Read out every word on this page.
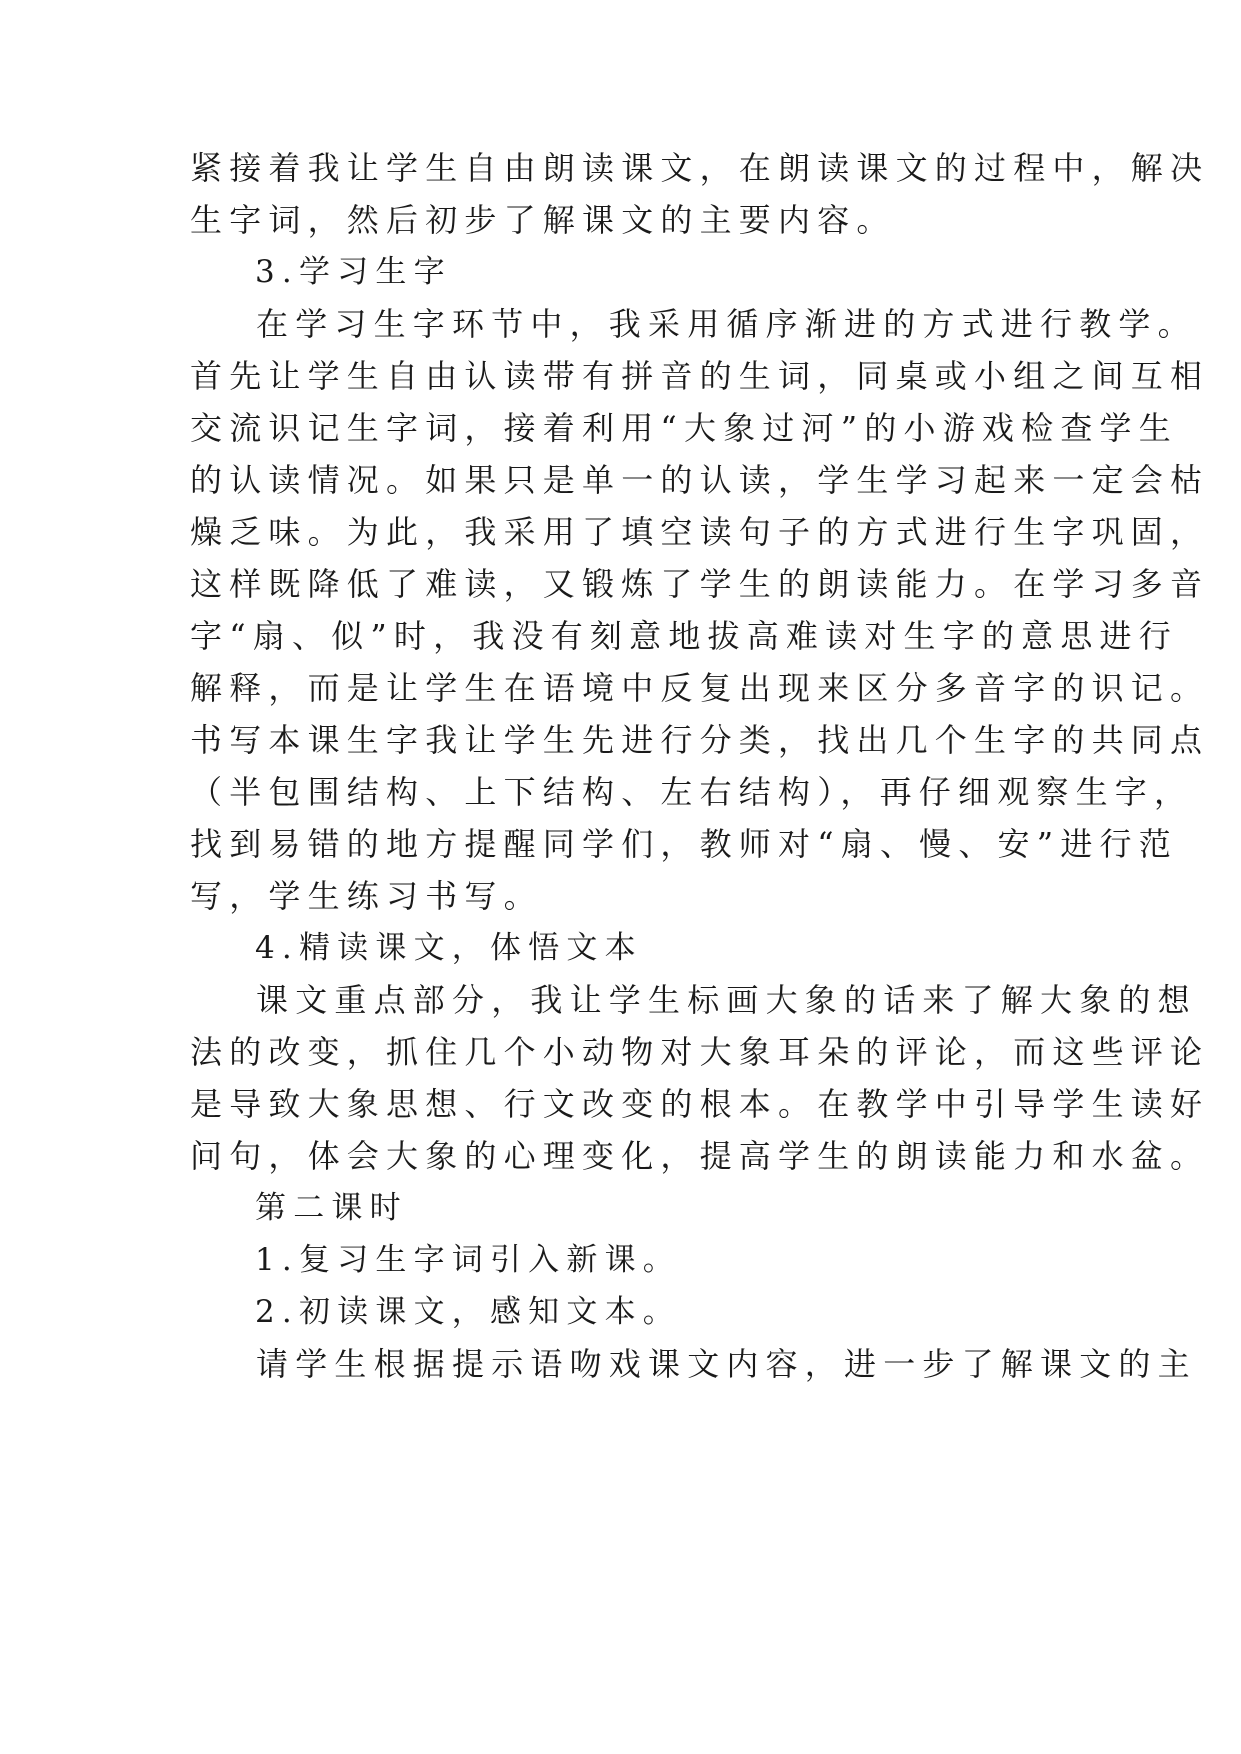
紧接着我让学生自由朗读课文，在朗读课文的过程中，解决
生字词，然后初步了解课文的主要内容。
3.学习生字
在学习生字环节中，我采用循序渐进的方式进行教学。
首先让学生自由认读带有拼音的生词，同桌或小组之间互相
交流识记生字词，接着利用“大象过河”的小游戏检查学生
的认读情况。如果只是单一的认读，学生学习起来一定会枯
燥乏味。为此，我采用了填空读句子的方式进行生字巩固，
这样既降低了难读，又锻炼了学生的朗读能力。在学习多音
字“扇、似”时，我没有刻意地拔高难读对生字的意思进行
解释，而是让学生在语境中反复出现来区分多音字的识记。
书写本课生字我让学生先进行分类，找出几个生字的共同点
（半包围结构、上下结构、左右结构），再仔细观察生字，
找到易错的地方提醒同学们，教师对“扇、慢、安”进行范
写，学生练习书写。
4.精读课文，体悟文本
课文重点部分，我让学生标画大象的话来了解大象的想
法的改变，抓住几个小动物对大象耳朵的评论，而这些评论
是导致大象思想、行文改变的根本。在教学中引导学生读好
问句，体会大象的心理变化，提高学生的朗读能力和水盆。
第二课时
1.复习生字词引入新课。
2.初读课文，感知文本。
请学生根据提示语吻戏课文内容，进一步了解课文的主
